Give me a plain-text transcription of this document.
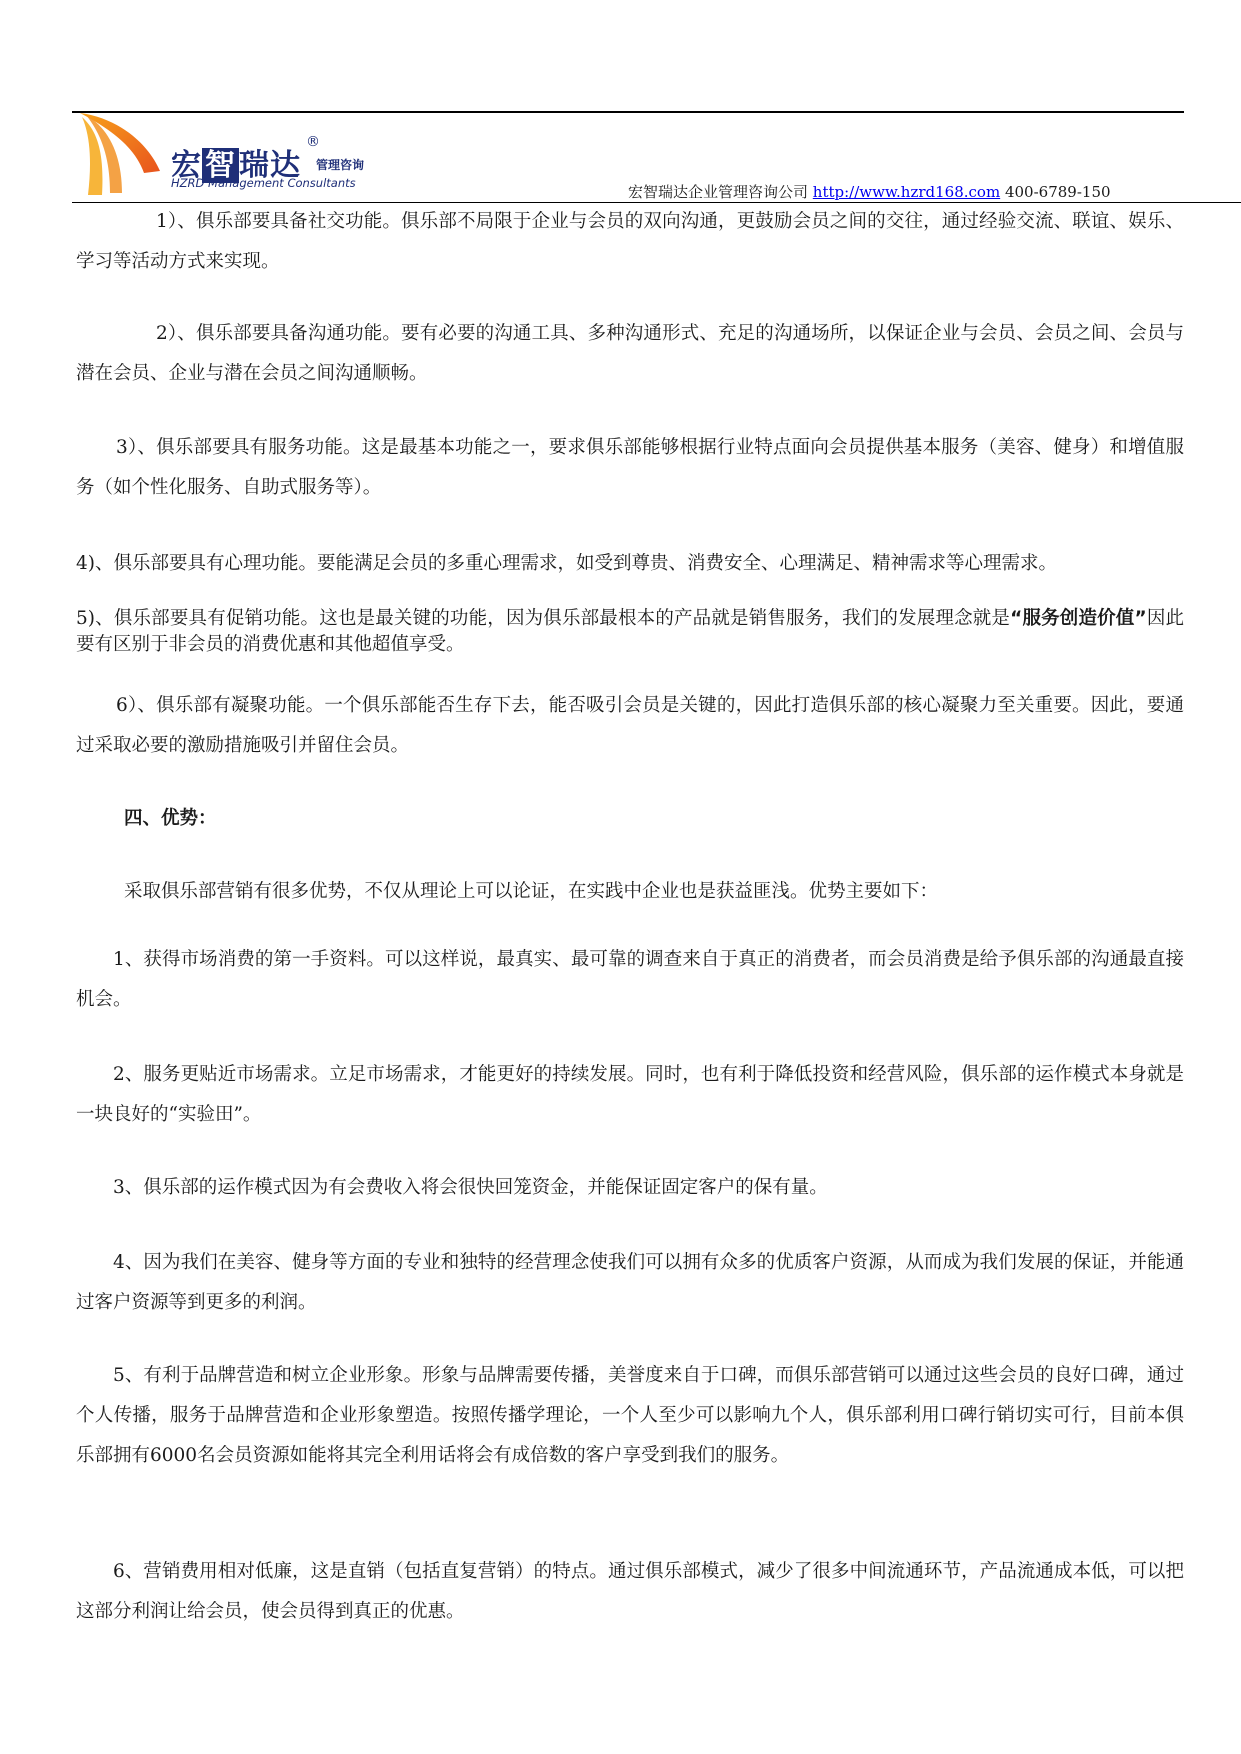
宏 智 瑞达
®
管理咨询
HZRD Management Consultants	宏智瑞达企业管理咨询公司 http://www.hzrd168.com 400-6789-150

1）、俱乐部要具备社交功能。俱乐部不局限于企业与会员的双向沟通，更鼓励会员之间的交往，通过经验交流、联谊、娱乐、学习等活动方式来实现。

2）、俱乐部要具备沟通功能。要有必要的沟通工具、多种沟通形式、充足的沟通场所，以保证企业与会员、会员之间、会员与潜在会员、企业与潜在会员之间沟通顺畅。

3）、俱乐部要具有服务功能。这是最基本功能之一，要求俱乐部能够根据行业特点面向会员提供基本服务（美容、健身）和增值服务（如个性化服务、自助式服务等）。

4)、俱乐部要具有心理功能。要能满足会员的多重心理需求，如受到尊贵、消费安全、心理满足、精神需求等心理需求。

5)、俱乐部要具有促销功能。这也是最关键的功能，因为俱乐部最根本的产品就是销售服务，我们的发展理念就是“服务创造价值”因此要有区别于非会员的消费优惠和其他超值享受。

6）、俱乐部有凝聚功能。一个俱乐部能否生存下去，能否吸引会员是关键的，因此打造俱乐部的核心凝聚力至关重要。因此，要通过采取必要的激励措施吸引并留住会员。

四、优势：

采取俱乐部营销有很多优势，不仅从理论上可以论证，在实践中企业也是获益匪浅。优势主要如下：

1、获得市场消费的第一手资料。可以这样说，最真实、最可靠的调查来自于真正的消费者，而会员消费是给予俱乐部的沟通最直接机会。

2、服务更贴近市场需求。立足市场需求，才能更好的持续发展。同时，也有利于降低投资和经营风险，俱乐部的运作模式本身就是一块良好的“实验田”。

3、俱乐部的运作模式因为有会费收入将会很快回笼资金，并能保证固定客户的保有量。

4、因为我们在美容、健身等方面的专业和独特的经营理念使我们可以拥有众多的优质客户资源，从而成为我们发展的保证，并能通过客户资源等到更多的利润。

5、有利于品牌营造和树立企业形象。形象与品牌需要传播，美誉度来自于口碑，而俱乐部营销可以通过这些会员的良好口碑，通过个人传播，服务于品牌营造和企业形象塑造。按照传播学理论，一个人至少可以影响九个人，俱乐部利用口碑行销切实可行，目前本俱乐部拥有6000名会员资源如能将其完全利用话将会有成倍数的客户享受到我们的服务。

6、营销费用相对低廉，这是直销（包括直复营销）的特点。通过俱乐部模式，减少了很多中间流通环节，产品流通成本低，可以把这部分利润让给会员，使会员得到真正的优惠。
